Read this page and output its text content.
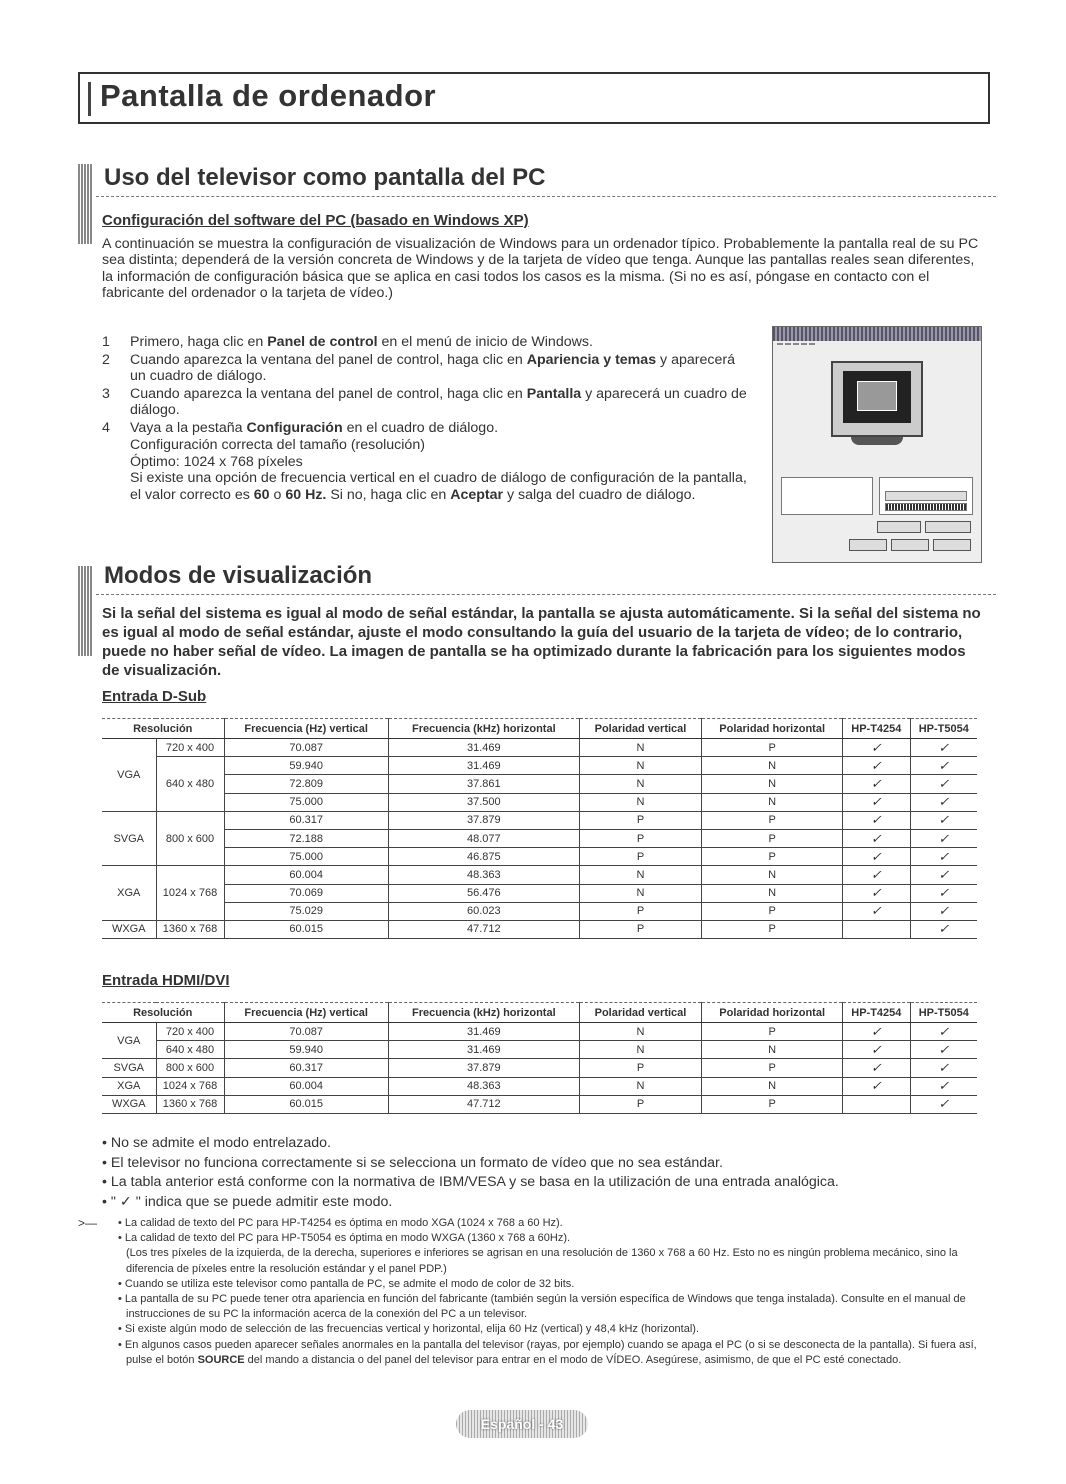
Pantalla de ordenador
Uso del televisor como pantalla del PC
Configuración del software del PC (basado en Windows XP)
A continuación se muestra la configuración de visualización de Windows para un ordenador típico. Probablemente la pantalla real de su PC sea distinta; dependerá de la versión concreta de Windows y de la tarjeta de vídeo que tenga. Aunque las pantallas reales sean diferentes, la información de configuración básica que se aplica en casi todos los casos es la misma. (Si no es así, póngase en contacto con el fabricante del ordenador o la tarjeta de vídeo.)
1	Primero, haga clic en Panel de control en el menú de inicio de Windows.
2	Cuando aparezca la ventana del panel de control, haga clic en Apariencia y temas y aparecerá un cuadro de diálogo.
3	Cuando aparezca la ventana del panel de control, haga clic en Pantalla y aparecerá un cuadro de diálogo.
4	Vaya a la pestaña Configuración en el cuadro de diálogo.
Configuración correcta del tamaño (resolución)
Óptimo: 1024 x 768 píxeles
Si existe una opción de frecuencia vertical en el cuadro de diálogo de configuración de la pantalla, el valor correcto es 60 o 60 Hz. Si no, haga clic en Aceptar y salga del cuadro de diálogo.
Modos de visualización
Si la señal del sistema es igual al modo de señal estándar, la pantalla se ajusta automáticamente. Si la señal del sistema no es igual al modo de señal estándar, ajuste el modo consultando la guía del usuario de la tarjeta de vídeo; de lo contrario, puede no haber señal de vídeo. La imagen de pantalla se ha optimizado durante la fabricación para los siguientes modos de visualización.
Entrada D-Sub
Resolución		Frecuencia (Hz) vertical	Frecuencia (kHz) horizontal	Polaridad vertical	Polaridad horizontal	HP-T4254	HP-T5054
VGA	720 x 400	70.087	31.469	N	P	✓	✓
	640 x 480	59.940	31.469	N	N	✓	✓
		72.809	37.861	N	N	✓	✓
		75.000	37.500	N	N	✓	✓
SVGA	800 x 600	60.317	37.879	P	P	✓	✓
		72.188	48.077	P	P	✓	✓
		75.000	46.875	P	P	✓	✓
XGA	1024 x 768	60.004	48.363	N	N	✓	✓
		70.069	56.476	N	N	✓	✓
		75.029	60.023	P	P	✓	✓
WXGA	1360 x 768	60.015	47.712	P	P		✓
Entrada HDMI/DVI
Resolución		Frecuencia (Hz) vertical	Frecuencia (kHz) horizontal	Polaridad vertical	Polaridad horizontal	HP-T4254	HP-T5054
VGA	720 x 400	70.087	31.469	N	P	✓	✓
	640 x 480	59.940	31.469	N	N	✓	✓
SVGA	800 x 600	60.317	37.879	P	P	✓	✓
XGA	1024 x 768	60.004	48.363	N	N	✓	✓
WXGA	1360 x 768	60.015	47.712	P	P		✓
• No se admite el modo entrelazado.
• El televisor no funciona correctamente si se selecciona un formato de vídeo que no sea estándar.
• La tabla anterior está conforme con la normativa de IBM/VESA y se basa en la utilización de una entrada analógica.
• " ✓ " indica que se puede admitir este modo.
>— • La calidad de texto del PC para HP-T4254 es óptima en modo XGA (1024 x 768 a 60 Hz).
• La calidad de texto del PC para HP-T5054 es óptima en modo WXGA (1360 x 768 a 60Hz).
(Los tres píxeles de la izquierda, de la derecha, superiores e inferiores se agrisan en una resolución de 1360 x 768 a 60 Hz. Esto no es ningún problema mecánico, sino la diferencia de píxeles entre la resolución estándar y el panel PDP.)
• Cuando se utiliza este televisor como pantalla de PC, se admite el modo de color de 32 bits.
• La pantalla de su PC puede tener otra apariencia en función del fabricante (también según la versión específica de Windows que tenga instalada). Consulte en el manual de instrucciones de su PC la información acerca de la conexión del PC a un televisor.
• Si existe algún modo de selección de las frecuencias vertical y horizontal, elija 60 Hz (vertical) y 48,4 kHz (horizontal).
• En algunos casos pueden aparecer señales anormales en la pantalla del televisor (rayas, por ejemplo) cuando se apaga el PC (o si se desconecta de la pantalla). Si fuera así, pulse el botón SOURCE del mando a distancia o del panel del televisor para entrar en el modo de VÍDEO. Asegúrese, asimismo, de que el PC esté conectado.
Español - 43
